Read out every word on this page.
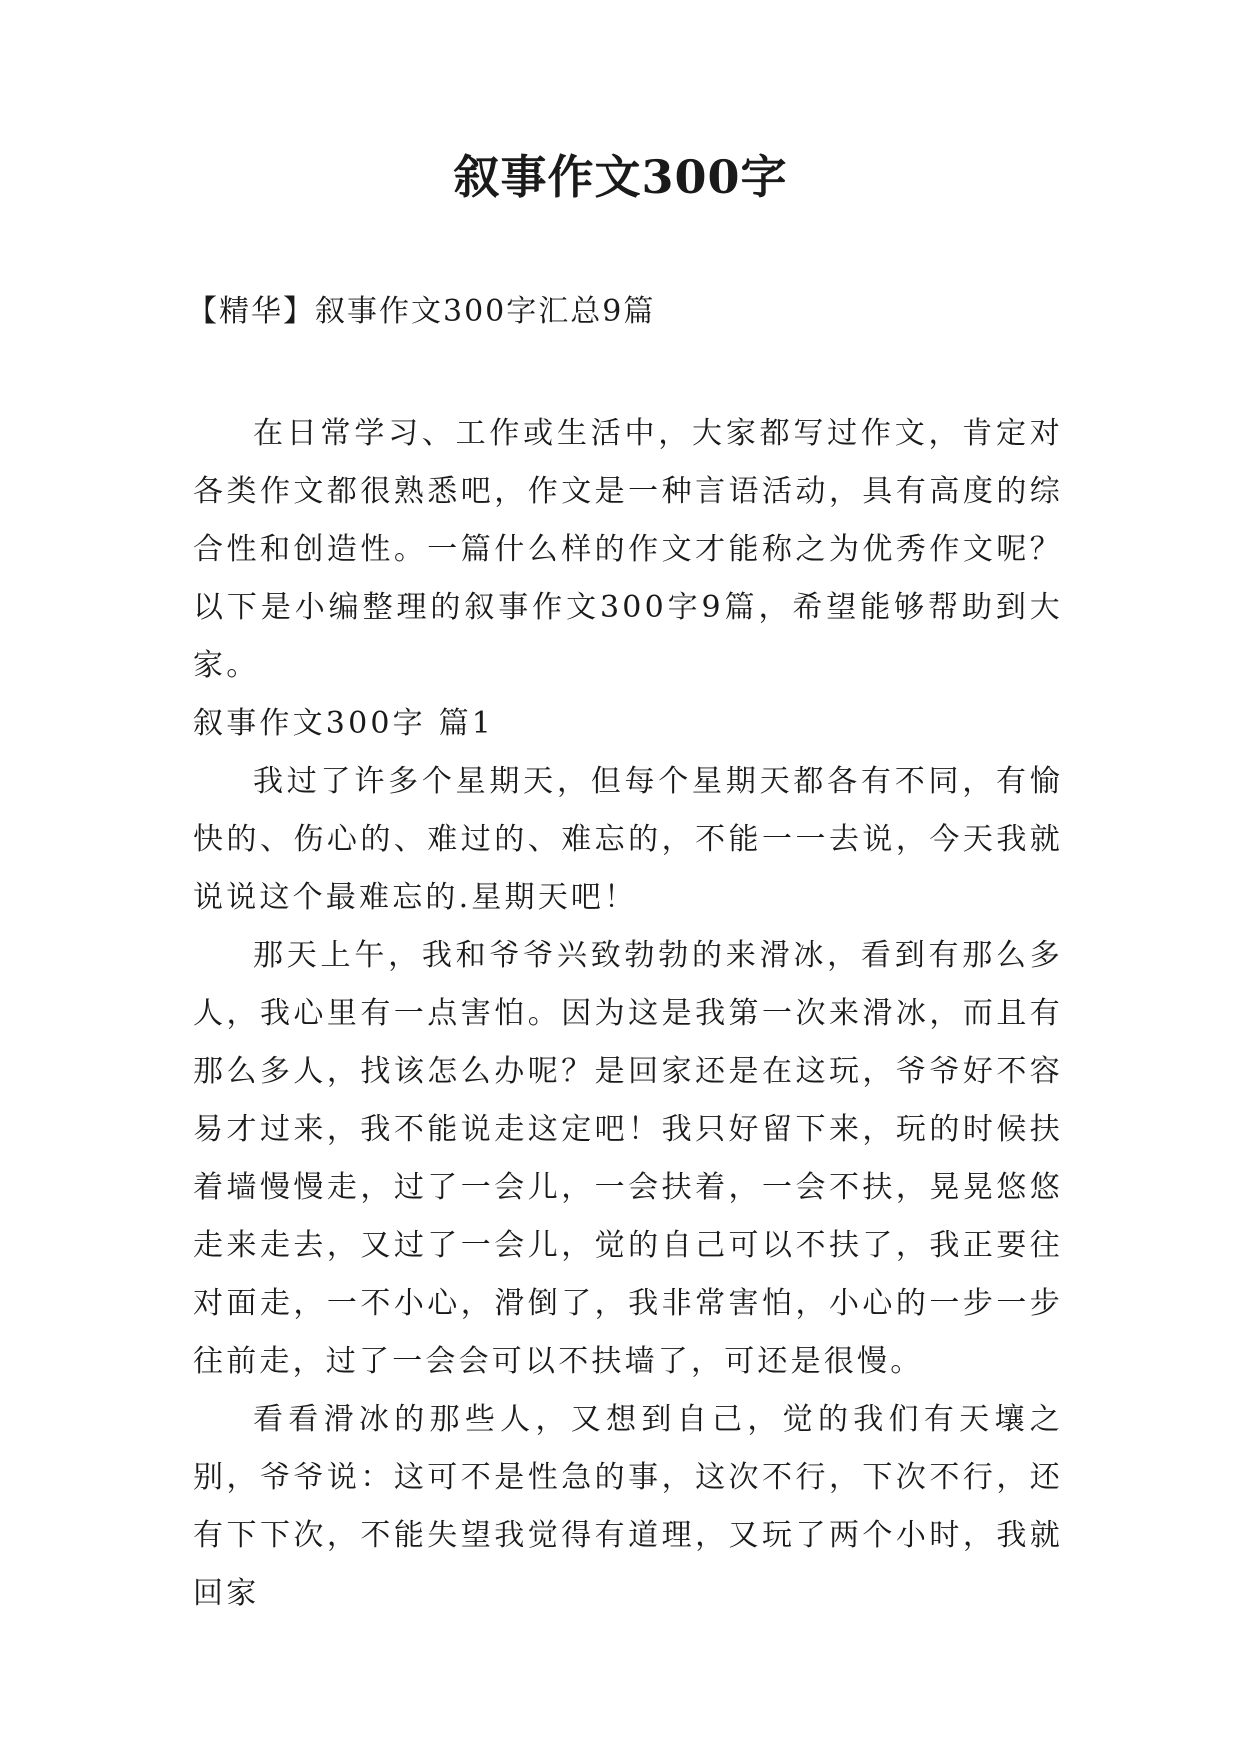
叙事作文300字
【精华】叙事作文300字汇总9篇

在日常学习、工作或生活中，大家都写过作文，肯定对各类作文都很熟悉吧，作文是一种言语活动，具有高度的综合性和创造性。一篇什么样的作文才能称之为优秀作文呢？以下是小编整理的叙事作文300字9篇，希望能够帮助到大家。

叙事作文300字 篇1

我过了许多个星期天，但每个星期天都各有不同，有愉快的、伤心的、难过的、难忘的，不能一一去说，今天我就说说这个最难忘的.星期天吧！

那天上午，我和爷爷兴致勃勃的来滑冰，看到有那么多人，我心里有一点害怕。因为这是我第一次来滑冰，而且有那么多人，找该怎么办呢？是回家还是在这玩，爷爷好不容易才过来，我不能说走这定吧！我只好留下来，玩的时候扶着墙慢慢走，过了一会儿，一会扶着，一会不扶，晃晃悠悠走来走去，又过了一会儿，觉的自己可以不扶了，我正要往对面走，一不小心，滑倒了，我非常害怕，小心的一步一步往前走，过了一会会可以不扶墙了，可还是很慢。

看看滑冰的那些人，又想到自己，觉的我们有天壤之别，爷爷说：这可不是性急的事，这次不行，下次不行，还有下下次，不能失望我觉得有道理，又玩了两个小时，我就回家
